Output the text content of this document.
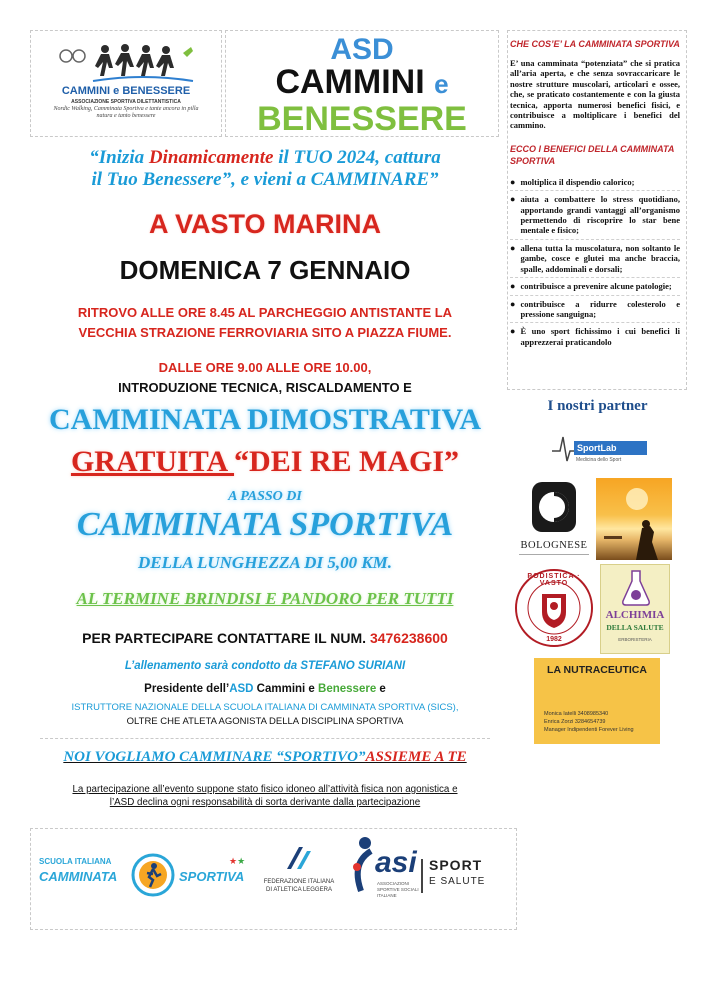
CAMMINI e BENESSERE
ASSOCIAZIONE SPORTIVA DILETTANTISTICA
Nordic Walking, Camminata Sportiva e tante ancora in pilla natura e tanto benessere
ASD
CAMMINI e
BENESSERE
“Inizia Dinamicamente il TUO 2024, cattura
il Tuo Benessere”, e vieni a CAMMINARE”
A VASTO MARINA
DOMENICA 7 GENNAIO
RITROVO ALLE ORE 8.45 AL PARCHEGGIO ANTISTANTE LA
VECCHIA STRAZIONE FERROVIARIA SITO A PIAZZA FIUME.
DALLE ORE 9.00 ALLE ORE 10.00,
INTRODUZIONE TECNICA, RISCALDAMENTO E
CAMMINATA DIMOSTRATIVA
GRATUITA “DEI RE MAGI”
A PASSO DI
CAMMINATA SPORTIVA
DELLA LUNGHEZZA DI 5,00 KM.
AL TERMINE BRINDISI E PANDORO PER TUTTI
PER PARTECIPARE CONTATTARE IL NUM. 3476238600
L’allenamento sarà condotto da STEFANO SURIANI
Presidente dell’ASD Cammini e Benessere e
ISTRUTTORE NAZIONALE DELLA SCUOLA ITALIANA DI CAMMINATA SPORTIVA (SICS),
OLTRE CHE ATLETA AGONISTA DELLA DISCIPLINA SPORTIVA
NOI VOGLIAMO CAMMINARE “SPORTIVO”ASSIEME A TE
La partecipazione all’evento suppone stato fisico idoneo all’attività fisica non agonistica e
l’ASD declina ogni responsabilità di sorta derivante dalla partecipazione
SCUOLA ITALIANA
CAMMINATA	SPORTIVA
★★
FEDERAZIONE ITALIANA
DI ATLETICA LEGGERA
asi
ASSOCIAZIONI SPORTIVE SOCIALI ITALIANE
SPORT
E SALUTE
CHE COS’E’ LA CAMMINATA SPORTIVA
E’ una camminata “potenziata” che si pratica all’aria aperta, e che senza sovraccaricare le nostre strutture muscolari, articolari e ossee, che, se praticato costantemente e con la giusta tecnica, apporta numerosi benefici fisici, e contribuisce a moltiplicare i benefici del cammino.
ECCO I BENEFICI DELLA CAMMINATA SPORTIVA
● moltiplica il dispendio calorico;
● aiuta a combattere lo stress quotidiano, apportando grandi vantaggi all’organismo permettendo di riscoprire lo star bene mentale e fisico;
● allena tutta la muscolatura, non soltanto le gambe, cosce e glutei ma anche braccia, spalle, addominali e dorsali;
● contribuisce a prevenire alcune patologie;
● contribuisce a ridurre colesterolo e pressione sanguigna;
● È uno sport fichissimo i cui benefici li apprezzerai praticandolo
I nostri partner
SportLab
Medicina dello Sport
BOLOGNESE
PODISTICA · VASTO
1982
ALCHIMIA
DELLA SALUTE
ERBORISTERIA
LA NUTRACEUTICA
Monica Iatelli 3408985340
Enrica Zorzi 3284654739
Manager Indipendenti Forever Living
